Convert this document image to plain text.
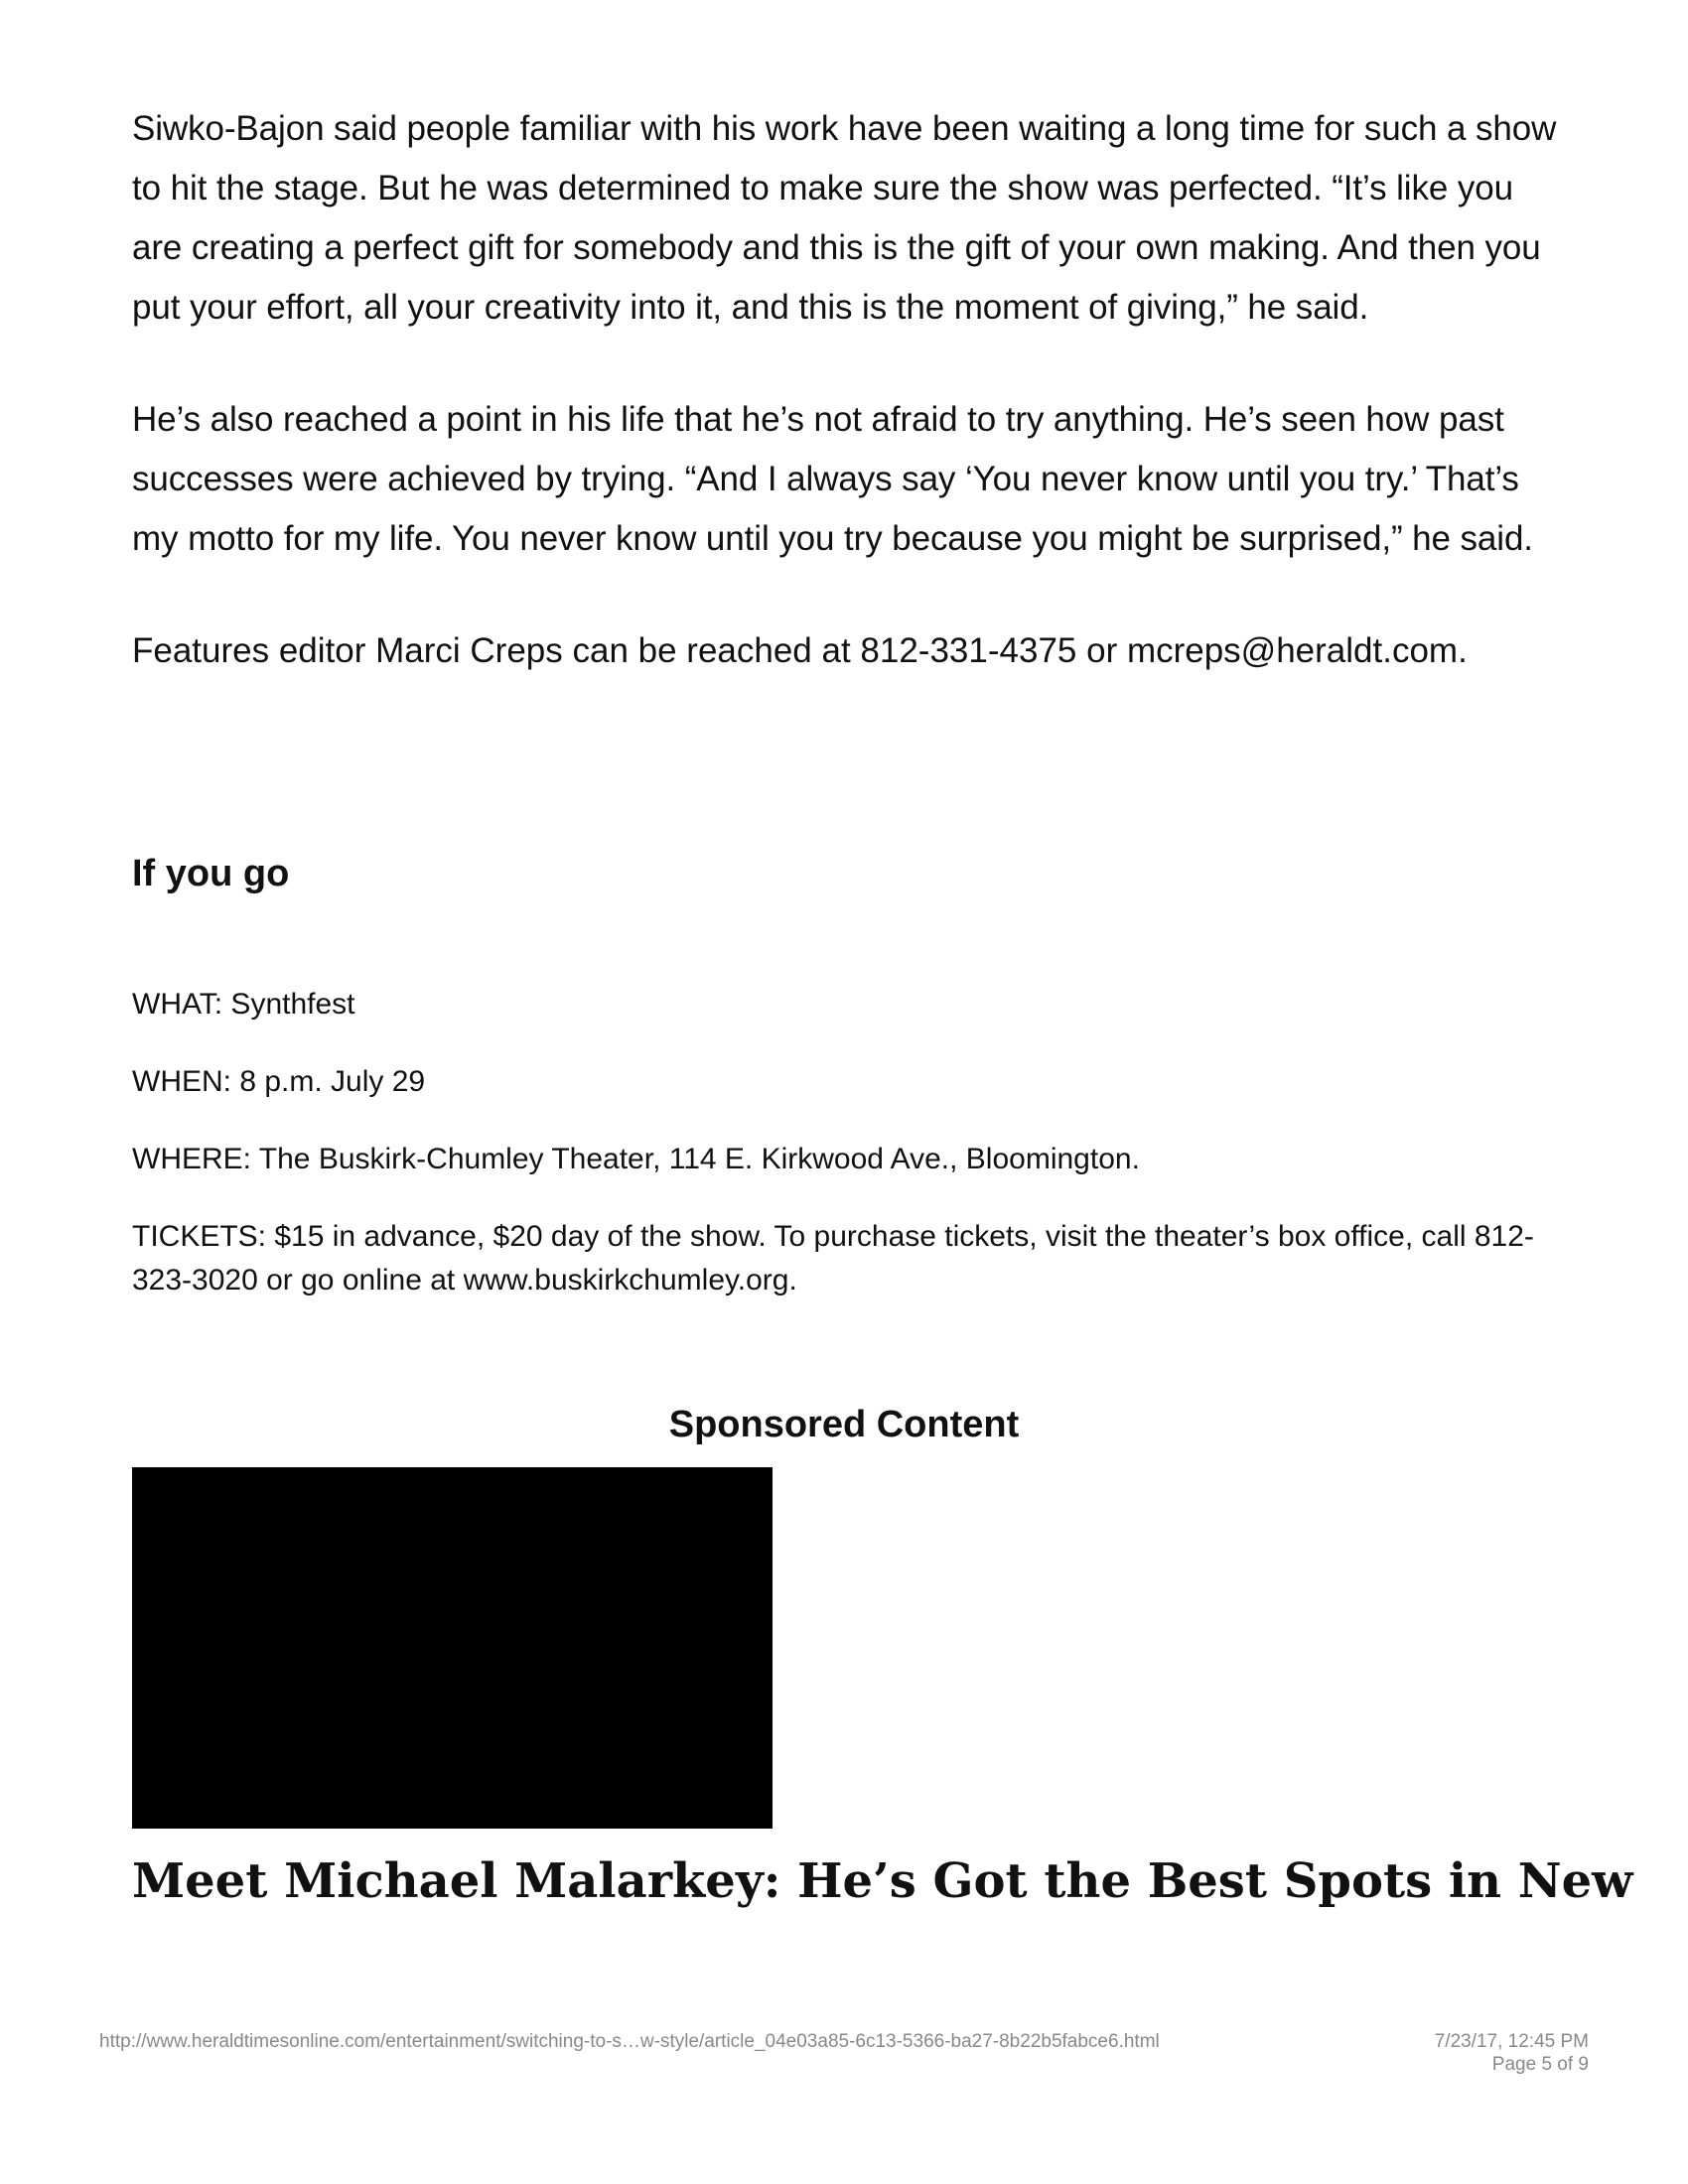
Siwko-Bajon said people familiar with his work have been waiting a long time for such a show to hit the stage. But he was determined to make sure the show was perfected. “It’s like you are creating a perfect gift for somebody and this is the gift of your own making. And then you put your effort, all your creativity into it, and this is the moment of giving,” he said.

He’s also reached a point in his life that he’s not afraid to try anything. He’s seen how past successes were achieved by trying. “And I always say ‘You never know until you try.’ That’s my motto for my life. You never know until you try because you might be surprised,” he said.

Features editor Marci Creps can be reached at 812-331-4375 or mcreps@heraldt.com.

If you go

WHAT: Synthfest

WHEN: 8 p.m. July 29

WHERE: The Buskirk-Chumley Theater, 114 E. Kirkwood Ave., Bloomington.

TICKETS: $15 in advance, $20 day of the show. To purchase tickets, visit the theater’s box office, call 812-323-3020 or go online at www.buskirkchumley.org.

Sponsored Content
Meet Michael Malarkey: He’s Got the Best Spots in New
http://www.heraldtimesonline.com/entertainment/switching-to-s…w-style/article_04e03a85-6c13-5366-ba27-8b22b5fabce6.html	7/23/17, 12:45 PM
Page 5 of 9
